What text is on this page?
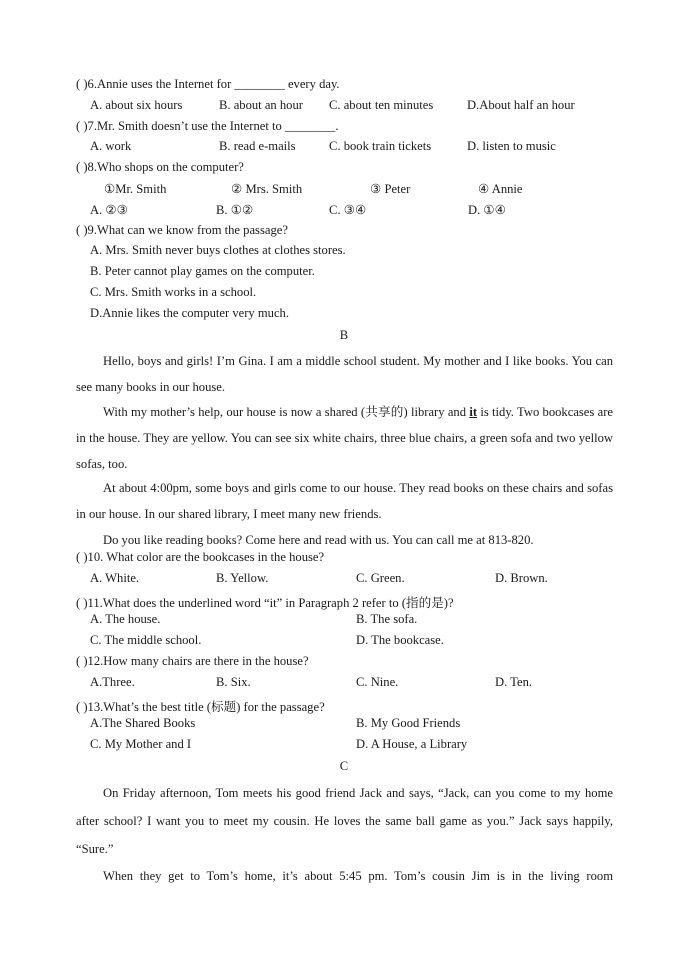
( )6.Annie uses the Internet for ________ every day.
A. about six hours	B. about an hour C. about ten minutes	D.About half an hour
( )7.Mr. Smith doesn’t use the Internet to ________.
A. work	B. read e-mails	C. book train tickets	D. listen to music
( )8.Who shops on the computer?
①Mr. Smith	② Mrs. Smith	③ Peter	④ Annie
A. ②③	B. ①②	C. ③④	D. ①④
( )9.What can we know from the passage?
A. Mrs. Smith never buys clothes at clothes stores.
B. Peter cannot play games on the computer.
C. Mrs. Smith works in a school.
D.Annie likes the computer very much.
B
Hello, boys and girls! I’m Gina. I am a middle school student. My mother and I like books. You can see many books in our house.
With my mother’s help, our house is now a shared (共享的) library and it is tidy. Two bookcases are in the house. They are yellow. You can see six white chairs, three blue chairs, a green sofa and two yellow sofas, too.
At about 4:00pm, some boys and girls come to our house. They read books on these chairs and sofas in our house. In our shared library, I meet many new friends.
Do you like reading books? Come here and read with us. You can call me at 813-820.
( )10. What color are the bookcases in the house?
A. White.	B. Yellow.	C. Green.	D. Brown.
( )11.What does the underlined word “it” in Paragraph 2 refer to (指的是)?
A. The house.	B. The sofa.
C. The middle school.	D. The bookcase.
( )12.How many chairs are there in the house?
A.Three.	B. Six.	C. Nine.	D. Ten.
( )13.What’s the best title (标题) for the passage?
A.The Shared Books	B. My Good Friends
C. My Mother and I	D. A House, a Library
C
On Friday afternoon, Tom meets his good friend Jack and says, “Jack, can you come to my home after school? I want you to meet my cousin. He loves the same ball game as you.” Jack says happily, “Sure.”
When they get to Tom’s home, it’s about 5:45 pm. Tom’s cousin Jim is in the living room
